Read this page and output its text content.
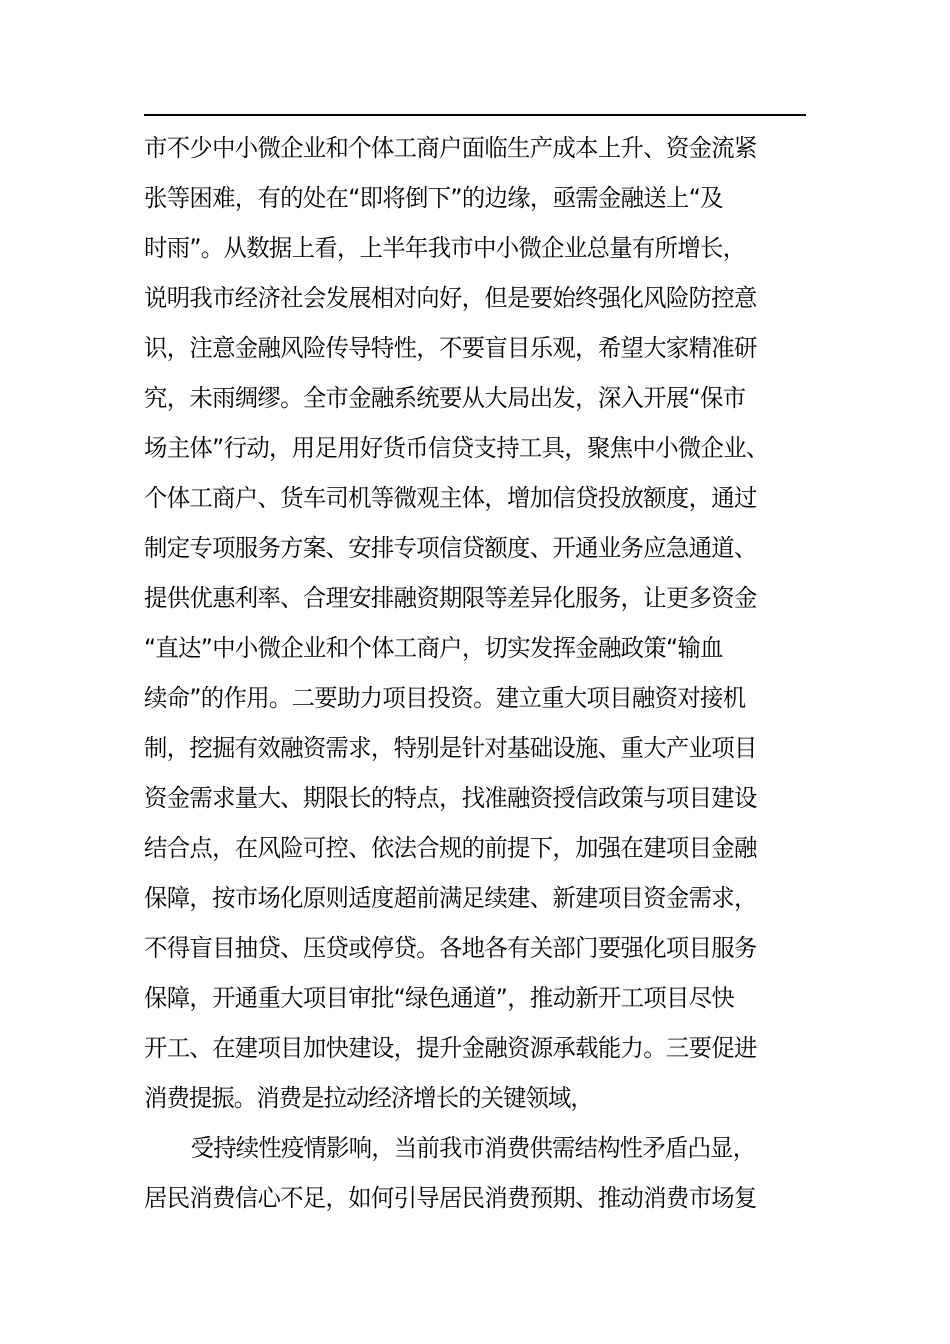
市不少中小微企业和个体工商户面临生产成本上升、资金流紧
张等困难，有的处在“即将倒下”的边缘，亟需金融送上“及
时雨”。从数据上看，上半年我市中小微企业总量有所增长，
说明我市经济社会发展相对向好，但是要始终强化风险防控意
识，注意金融风险传导特性，不要盲目乐观，希望大家精准研
究，未雨绸缪。全市金融系统要从大局出发，深入开展“保市
场主体”行动，用足用好货币信贷支持工具，聚焦中小微企业、
个体工商户、货车司机等微观主体，增加信贷投放额度，通过
制定专项服务方案、安排专项信贷额度、开通业务应急通道、
提供优惠利率、合理安排融资期限等差异化服务，让更多资金
“直达”中小微企业和个体工商户，切实发挥金融政策“输血
续命”的作用。二要助力项目投资。建立重大项目融资对接机
制，挖掘有效融资需求，特别是针对基础设施、重大产业项目
资金需求量大、期限长的特点，找准融资授信政策与项目建设
结合点，在风险可控、依法合规的前提下，加强在建项目金融
保障，按市场化原则适度超前满足续建、新建项目资金需求，
不得盲目抽贷、压贷或停贷。各地各有关部门要强化项目服务
保障，开通重大项目审批“绿色通道”，推动新开工项目尽快
开工、在建项目加快建设，提升金融资源承载能力。三要促进
消费提振。消费是拉动经济增长的关键领域，
受持续性疫情影响，当前我市消费供需结构性矛盾凸显，
居民消费信心不足，如何引导居民消费预期、推动消费市场复
